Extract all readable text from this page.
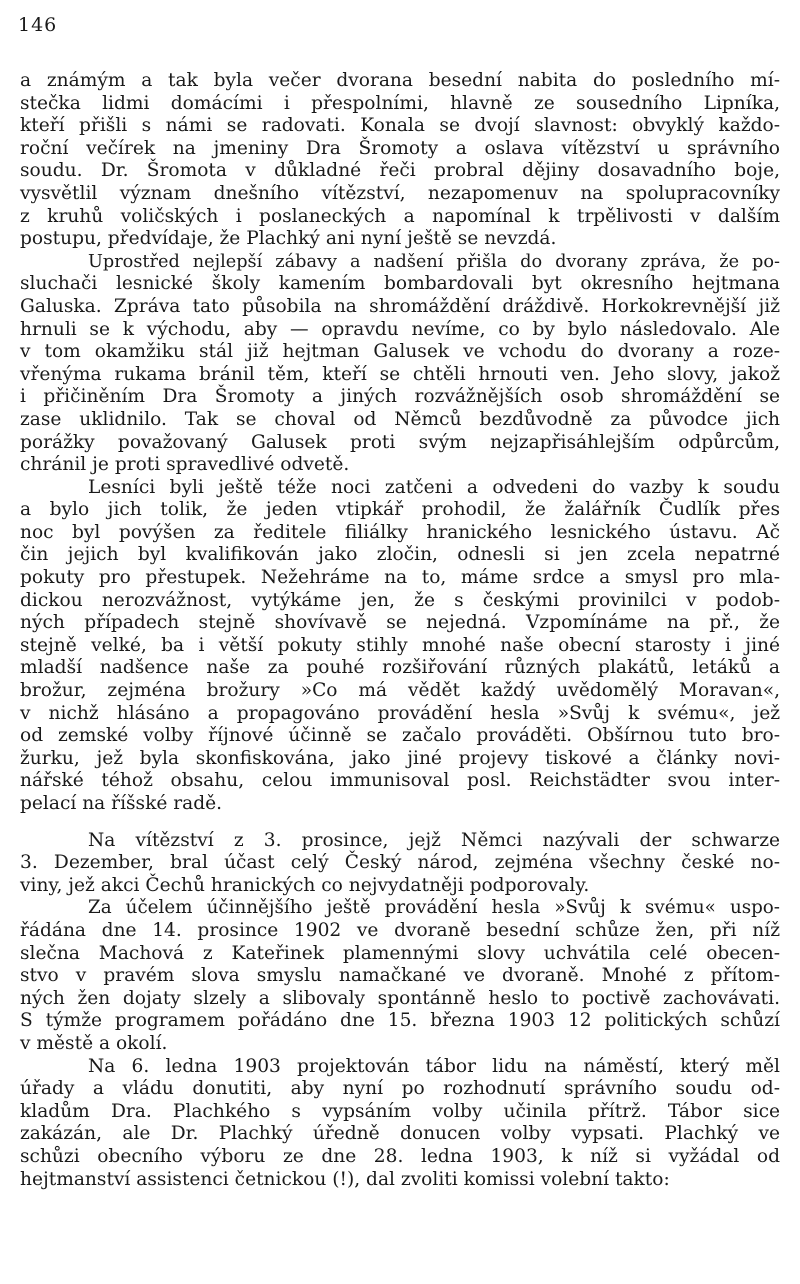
146

a známým a tak byla večer dvorana besední nabita do posledního mí-
stečka lidmi domácími i přespolními, hlavně ze sousedního Lipníka,
kteří přišli s námi se radovati. Konala se dvojí slavnost: obvyklý každo-
roční večírek na jmeniny Dra Šromoty a oslava vítězství u správního
soudu. Dr. Šromota v důkladné řeči probral dějiny dosavadního boje,
vysvětlil význam dnešního vítězství, nezapomenuv na spolupracovníky
z kruhů voličských i poslaneckých a napomínal k trpělivosti v dalším
postupu, předvídaje, že Plachký ani nyní ještě se nevzdá.

Uprostřed nejlepší zábavy a nadšení přišla do dvorany zpráva, že po-
sluchači lesnické školy kamením bombardovali byt okresního hejtmana
Galuska. Zpráva tato působila na shromáždění dráždivě. Horkokrevnější již
hrnuli se k východu, aby — opravdu nevíme, co by bylo následovalo. Ale
v tom okamžiku stál již hejtman Galusek ve vchodu do dvorany a roze-
vřenýma rukama bránil těm, kteří se chtěli hrnouti ven. Jeho slovy, jakož
i přičiněním Dra Šromoty a jiných rozvážnějších osob shromáždění se
zase uklidnilo. Tak se choval od Němců bezdůvodně za původce jich
porážky považovaný Galusek proti svým nejzapřisáhlejším odpůrcům,
chránil je proti spravedlivé odvetě.

Lesníci byli ještě téže noci zatčeni a odvedeni do vazby k soudu
a bylo jich tolik, že jeden vtipkář prohodil, že žalářník Čudlík přes
noc byl povýšen za ředitele filiálky hranického lesnického ústavu. Ač
čin jejich byl kvalifikován jako zločin, odnesli si jen zcela nepatrné
pokuty pro přestupek. Nežehráme na to, máme srdce a smysl pro mla-
dickou nerozvážnost, vytýkáme jen, že s českými provinilci v podob-
ných případech stejně shovívavě se nejedná. Vzpomínáme na př., že
stejně velké, ba i větší pokuty stihly mnohé naše obecní starosty i jiné
mladší nadšence naše za pouhé rozšiřování různých plakátů, letáků a
brožur, zejména brožury »Co má vědět každý uvědomělý Moravan«,
v nichž hlásáno a propagováno provádění hesla »Svůj k svému«, jež
od zemské volby říjnové účinně se začalo prováděti. Obšírnou tuto bro-
žurku, jež byla skonfiskována, jako jiné projevy tiskové a články novi-
nářské téhož obsahu, celou immunisoval posl. Reichstädter svou inter-
pelací na říšské radě.

Na vítězství z 3. prosince, jejž Němci nazývali der schwarze
3. Dezember, bral účast celý Český národ, zejména všechny české no-
viny, jež akci Čechů hranických co nejvydatněji podporovaly.

Za účelem účinnějšího ještě provádění hesla »Svůj k svému« uspo-
řádána dne 14. prosince 1902 ve dvoraně besední schůze žen, při níž
slečna Machová z Kateřinek plamennými slovy uchvátila celé obecen-
stvo v pravém slova smyslu namačkané ve dvoraně. Mnohé z přítom-
ných žen dojaty slzely a slibovaly spontánně heslo to poctivě zachovávati.
S týmže programem pořádáno dne 15. března 1903 12 politických schůzí
v městě a okolí.

Na 6. ledna 1903 projektován tábor lidu na náměstí, který měl
úřady a vládu donutiti, aby nyní po rozhodnutí správního soudu od-
kladům Dra. Plachkého s vypsáním volby učinila přítrž. Tábor sice
zakázán, ale Dr. Plachký úředně donucen volby vypsati. Plachký ve
schůzi obecního výboru ze dne 28. ledna 1903, k níž si vyžádal od
hejtmanství assistenci četnickou (!), dal zvoliti komissi volební takto:
